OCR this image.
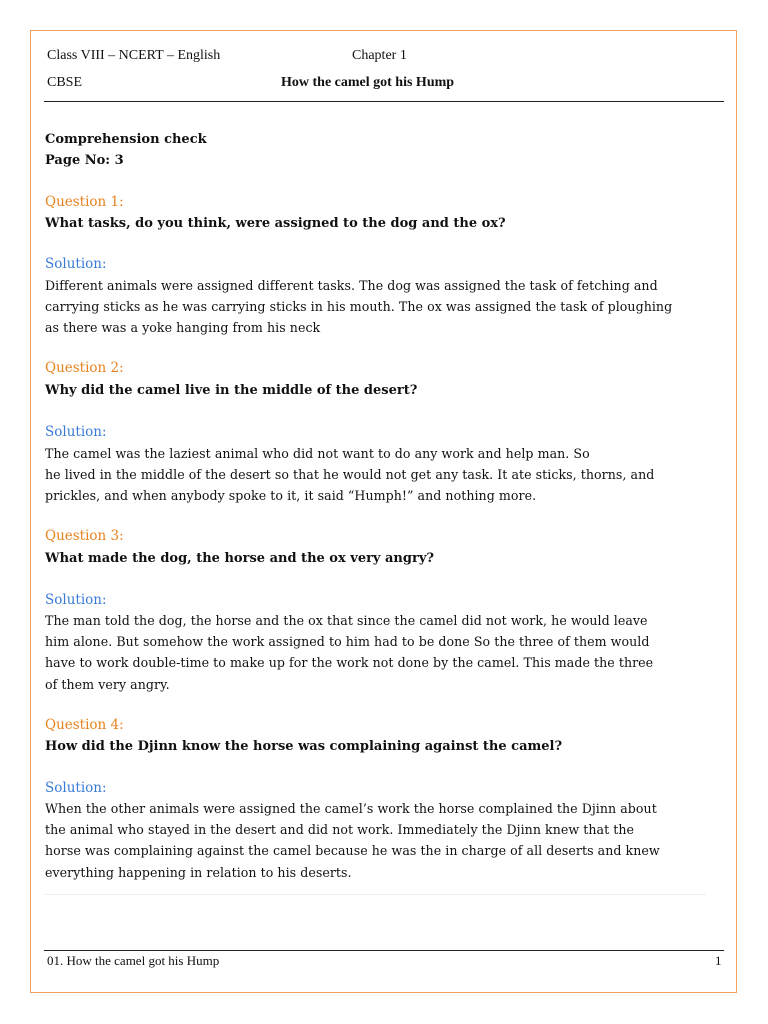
Class VIII – NCERT – English	Chapter 1
CBSE	How the camel got his Hump
Comprehension check
Page No: 3
Question 1:
What tasks, do you think, were assigned to the dog and the ox?
Solution:
Different animals were assigned different tasks. The dog was assigned the task of fetching and
carrying sticks as he was carrying sticks in his mouth. The ox was assigned the task of ploughing
as there was a yoke hanging from his neck
Question 2:
Why did the camel live in the middle of the desert?
Solution:
The camel was the laziest animal who did not want to do any work and help man. So
he lived in the middle of the desert so that he would not get any task. It ate sticks, thorns, and
prickles, and when anybody spoke to it, it said “Humph!” and nothing more.
Question 3:
What made the dog, the horse and the ox very angry?
Solution:
The man told the dog, the horse and the ox that since the camel did not work, he would leave
him alone. But somehow the work assigned to him had to be done So the three of them would
have to work double-time to make up for the work not done by the camel. This made the three
of them very angry.
Question 4:
How did the Djinn know the horse was complaining against the camel?
Solution:
When the other animals were assigned the camel’s work the horse complained the Djinn about
the animal who stayed in the desert and did not work. Immediately the Djinn knew that the
horse was complaining against the camel because he was the in charge of all deserts and knew
everything happening in relation to his deserts.
01. How the camel got his Hump	1
